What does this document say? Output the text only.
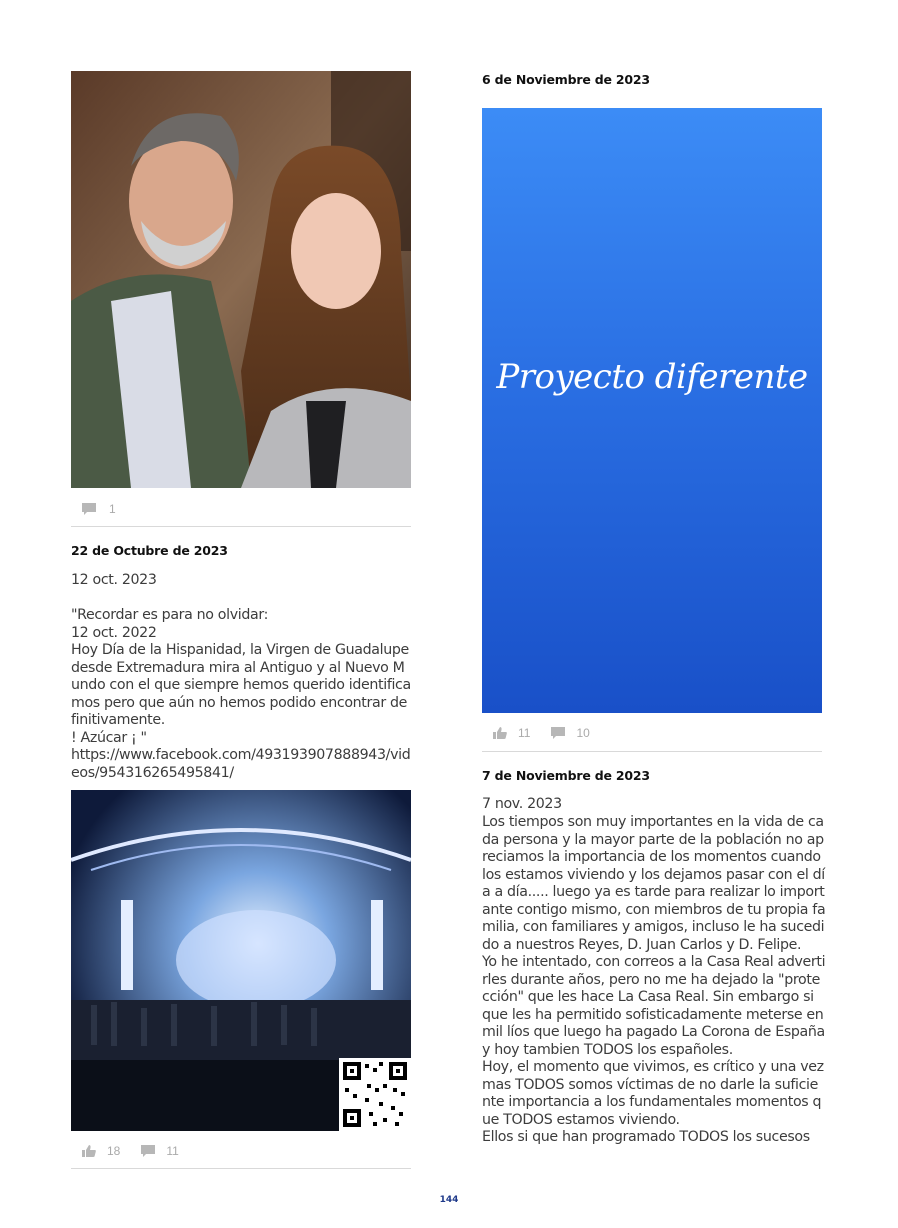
1
22 de Octubre de 2023
12 oct. 2023
"Recordar es para no olvidar:
12 oct. 2022
Hoy Día de la Hispanidad, la Virgen de Guadalupe desde Extremadura mira al Antiguo y al Nuevo Mundo con el que siempre hemos querido identificamos pero que aún no hemos podido encontrar definitivamente.
! Azúcar ¡ "
https://www.facebook.com/493193907888943/videos/954316265495841/
18	11
6 de Noviembre de 2023
Proyecto diferente
11	10
7 de Noviembre de 2023
7 nov. 2023
Los tiempos son muy importantes en la vida de cada persona y la mayor parte de la población no apreciamos la importancia de los momentos cuando los estamos viviendo y los dejamos pasar con el día a día..... luego ya es tarde para realizar lo importante contigo mismo, con miembros de tu propia familia, con familiares y amigos, incluso le ha sucedido a nuestros Reyes, D. Juan Carlos y D. Felipe.
Yo he intentado, con correos a la Casa Real advertirles durante años, pero no me ha dejado la "protección" que les hace La Casa Real. Sin embargo si que les ha permitido sofisticadamente meterse en mil líos que luego ha pagado La Corona de España y hoy tambien TODOS los españoles.
Hoy, el momento que vivimos, es crítico y una vez mas TODOS somos víctimas de no darle la suficiente importancia a los fundamentales momentos que TODOS estamos viviendo.
Ellos si que han programado TODOS los sucesos
144
